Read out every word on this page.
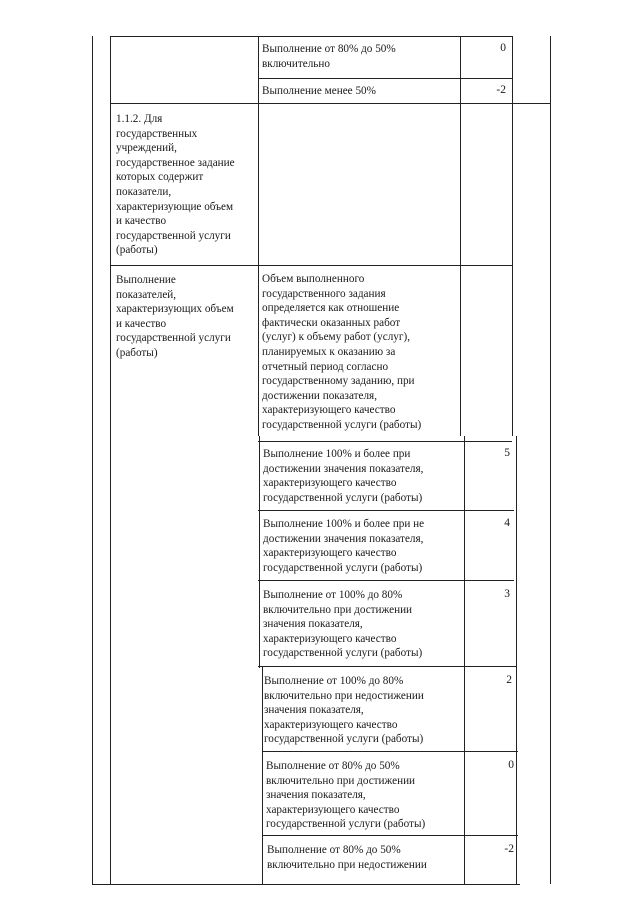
Выполнение от 80% до 50%
включительно
0
Выполнение менее 50%	-2
1.1.2. Для
государственных
учреждений,
государственное задание
которых содержит
показатели,
характеризующие объем
и качество
государственной услуги
(работы)
Выполнение
показателей,
характеризующих объем
и качество
государственной услуги
(работы)
Объем выполненного
государственного задания
определяется как отношение
фактически оказанных работ
(услуг) к объему работ (услуг),
планируемых к оказанию за
отчетный период согласно
государственному заданию, при
достижении показателя,
характеризующего качество
государственной услуги (работы)
Выполнение 100% и более при
достижении значения показателя,
характеризующего качество
государственной услуги (работы)
5
Выполнение 100% и более при не
достижении значения показателя,
характеризующего качество
государственной услуги (работы)
4
Выполнение от 100% до 80%
включительно при достижении
значения показателя,
характеризующего качество
государственной услуги (работы)
3
Выполнение от 100% до 80%
включительно при недостижении
значения показателя,
характеризующего качество
государственной услуги (работы)
2
Выполнение от 80% до 50%
включительно при достижении
значения показателя,
характеризующего качество
государственной услуги (работы)
0
Выполнение от 80% до 50%
включительно при недостижении
-2
